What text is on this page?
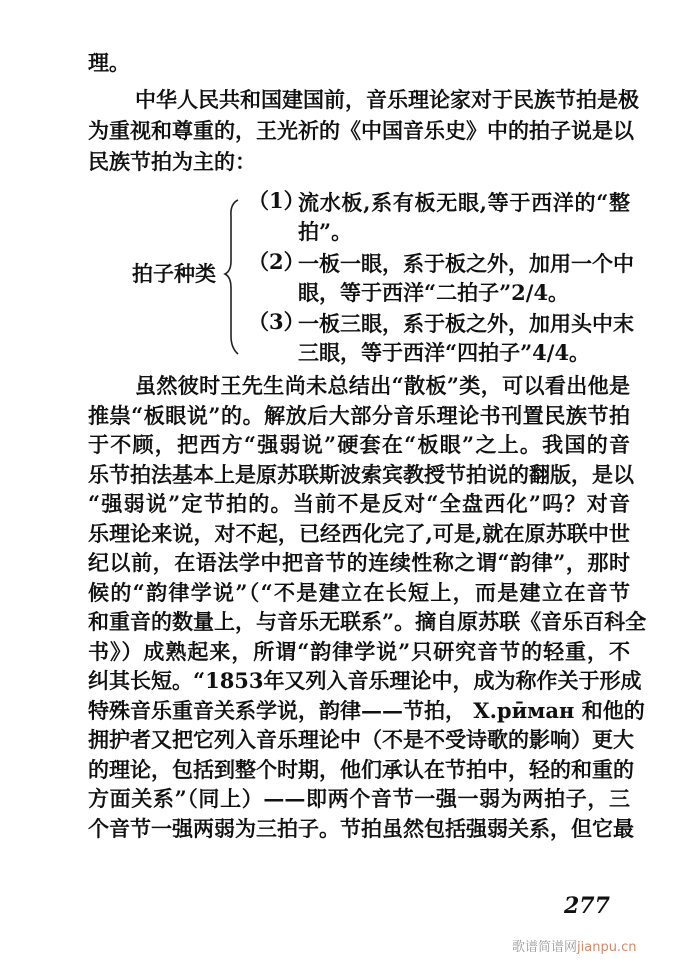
理。
中华人民共和国建国前，音乐理论家对于民族节拍是极
为重视和尊重的，王光祈的《中国音乐史》中的拍子说是以
民族节拍为主的：
拍子种类
（1）
流水板,系有板无眼,等于西洋的“整
拍”。
（2）
一板一眼，系于板之外，加用一个中
眼，等于西洋“二拍子”2/4。
（3）
一板三眼，系于板之外，加用头中末
三眼，等于西洋“四拍子”4/4。
虽然彼时王先生尚未总结出“散板”类，可以看出他是
推祟“板眼说”的。解放后大部分音乐理论书刊置民族节拍
于不顾，把西方“强弱说”硬套在“板眼”之上。我国的音
乐节拍法基本上是原苏联斯波索宾教授节拍说的翻版，是以
“强弱说”定节拍的。当前不是反对“全盘西化”吗？对音
乐理论来说，对不起，已经西化完了,可是,就在原苏联中世
纪以前，在语法学中把音节的连续性称之谓“韵律”，那时
候的“韵律学说”（“不是建立在长短上，而是建立在音节
和重音的数量上，与音乐无联系”。摘自原苏联《音乐百科全
书》）成熟起来，所谓“韵律学说”只研究音节的轻重，不
纠其长短。“1853年又列入音乐理论中，成为称作关于形成
特殊音乐重音关系学说，韵律——节拍， X.рӣман 和他的
拥护者又把它列入音乐理论中（不是不受诗歌的影响）更大
的理论，包括到整个时期，他们承认在节拍中，轻的和重的
方面关系”（同上）——即两个音节一强一弱为两拍子，三
个音节一强两弱为三拍子。节拍虽然包括强弱关系，但它最
277
歌谱简谱网jianpu.cn
